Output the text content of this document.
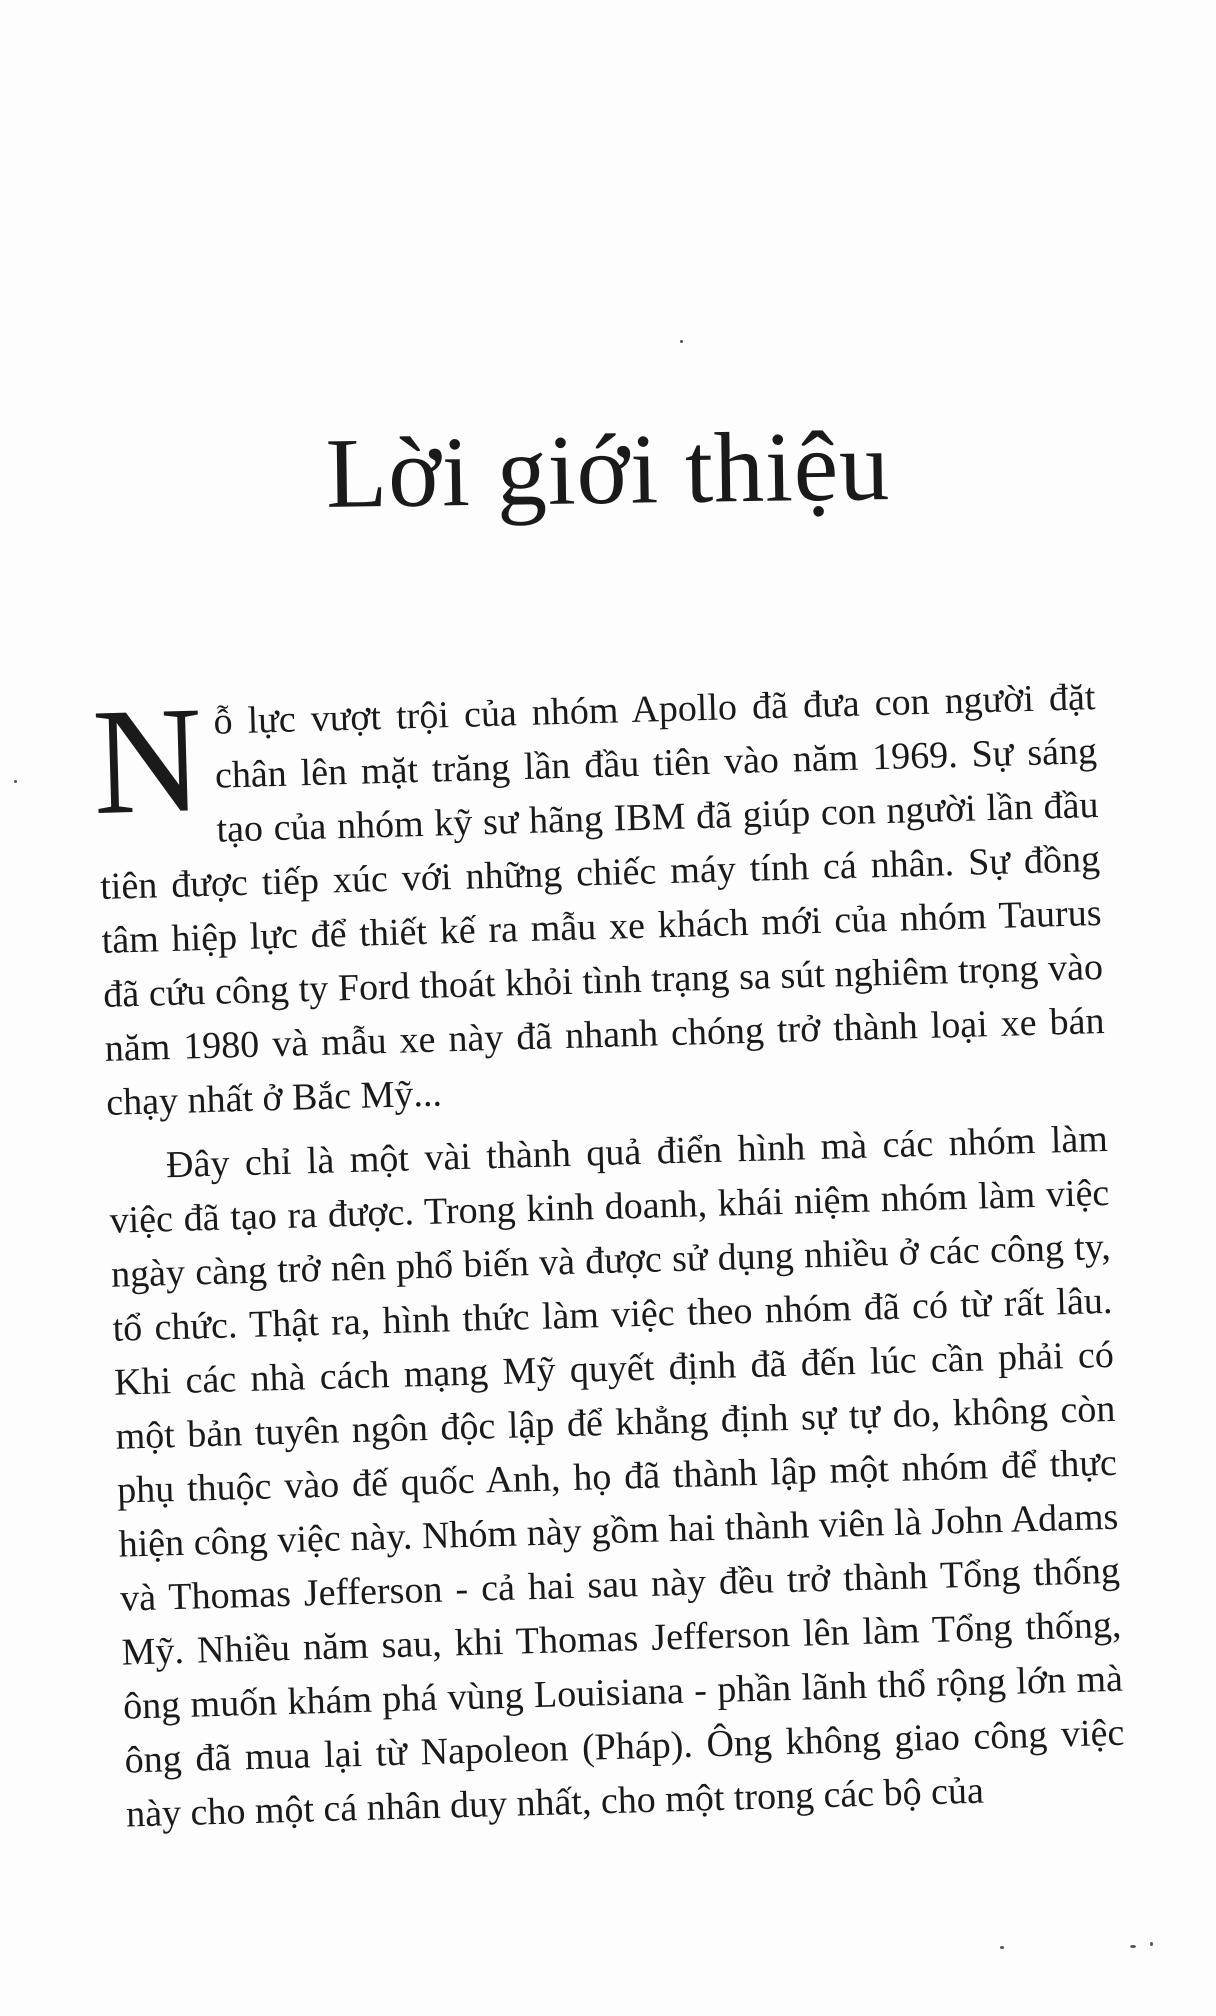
Lời giới thiệu

Nỗ lực vượt trội của nhóm Apollo đã đưa con người đặt chân lên mặt trăng lần đầu tiên vào năm 1969. Sự sáng tạo của nhóm kỹ sư hãng IBM đã giúp con người lần đầu tiên được tiếp xúc với những chiếc máy tính cá nhân. Sự đồng tâm hiệp lực để thiết kế ra mẫu xe khách mới của nhóm Taurus đã cứu công ty Ford thoát khỏi tình trạng sa sút nghiêm trọng vào năm 1980 và mẫu xe này đã nhanh chóng trở thành loại xe bán chạy nhất ở Bắc Mỹ...

Đây chỉ là một vài thành quả điển hình mà các nhóm làm việc đã tạo ra được. Trong kinh doanh, khái niệm nhóm làm việc ngày càng trở nên phổ biến và được sử dụng nhiều ở các công ty, tổ chức. Thật ra, hình thức làm việc theo nhóm đã có từ rất lâu. Khi các nhà cách mạng Mỹ quyết định đã đến lúc cần phải có một bản tuyên ngôn độc lập để khẳng định sự tự do, không còn phụ thuộc vào đế quốc Anh, họ đã thành lập một nhóm để thực hiện công việc này. Nhóm này gồm hai thành viên là John Adams và Thomas Jefferson - cả hai sau này đều trở thành Tổng thống Mỹ. Nhiều năm sau, khi Thomas Jefferson lên làm Tổng thống, ông muốn khám phá vùng Louisiana - phần lãnh thổ rộng lớn mà ông đã mua lại từ Napoleon (Pháp). Ông không giao công việc này cho một cá nhân duy nhất, cho một trong các bộ của
